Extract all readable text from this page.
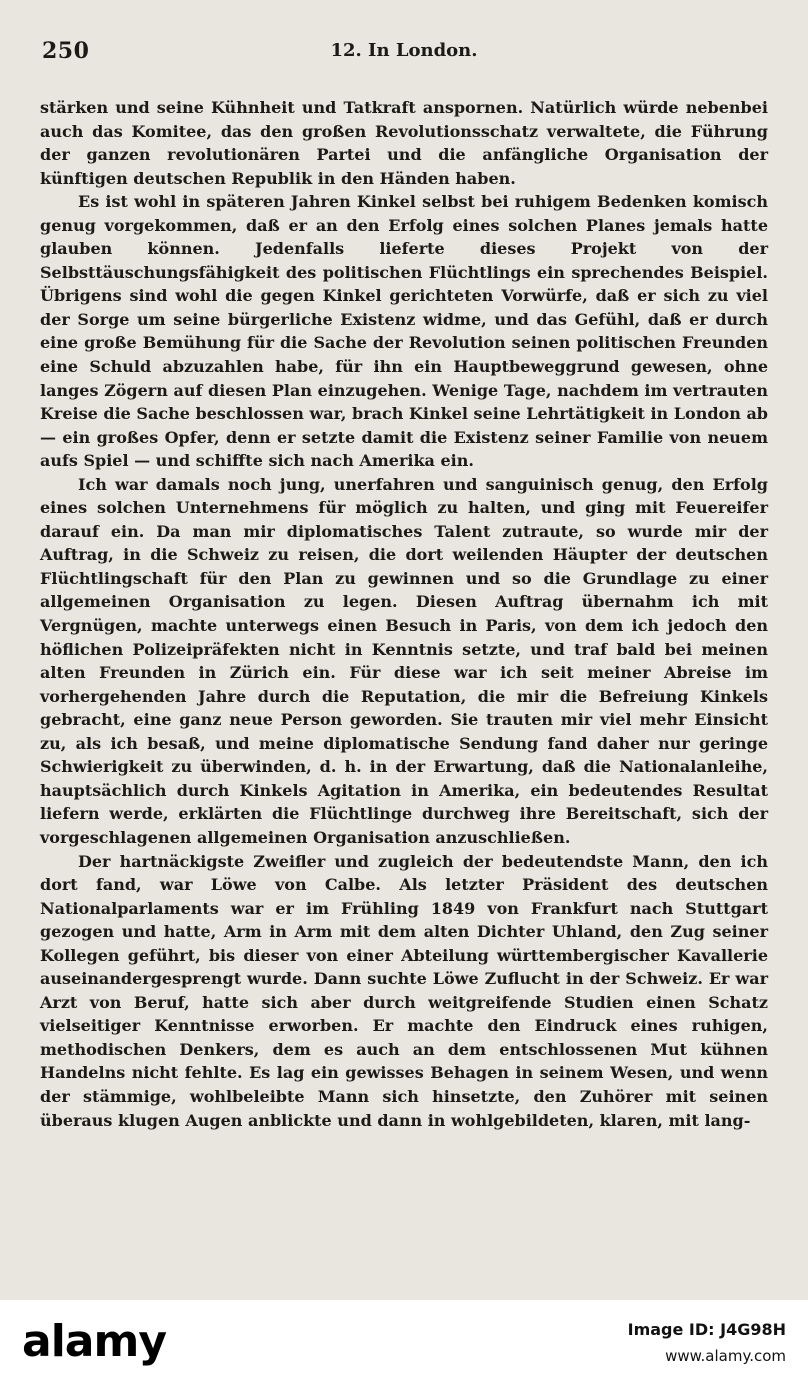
250	12. In London.

stärken und seine Kühnheit und Tatkraft anspornen. Natürlich würde nebenbei auch das Komitee, das den großen Revolutionsschatz verwaltete, die Führung der ganzen revolutionären Partei und die anfängliche Organisation der künftigen deutschen Republik in den Händen haben.

Es ist wohl in späteren Jahren Kinkel selbst bei ruhigem Bedenken komisch genug vorgekommen, daß er an den Erfolg eines solchen Planes jemals hatte glauben können. Jedenfalls lieferte dieses Projekt von der Selbsttäuschungsfähigkeit des politischen Flüchtlings ein sprechendes Beispiel. Übrigens sind wohl die gegen Kinkel gerichteten Vorwürfe, daß er sich zu viel der Sorge um seine bürgerliche Existenz widme, und das Gefühl, daß er durch eine große Bemühung für die Sache der Revolution seinen politischen Freunden eine Schuld abzuzahlen habe, für ihn ein Hauptbeweggrund gewesen, ohne langes Zögern auf diesen Plan einzugehen. Wenige Tage, nachdem im vertrauten Kreise die Sache beschlossen war, brach Kinkel seine Lehrtätigkeit in London ab — ein großes Opfer, denn er setzte damit die Existenz seiner Familie von neuem aufs Spiel — und schiffte sich nach Amerika ein.

Ich war damals noch jung, unerfahren und sanguinisch genug, den Erfolg eines solchen Unternehmens für möglich zu halten, und ging mit Feuereifer darauf ein. Da man mir diplomatisches Talent zutraute, so wurde mir der Auftrag, in die Schweiz zu reisen, die dort weilenden Häupter der deutschen Flüchtlingschaft für den Plan zu gewinnen und so die Grundlage zu einer allgemeinen Organisation zu legen. Diesen Auftrag übernahm ich mit Vergnügen, machte unterwegs einen Besuch in Paris, von dem ich jedoch den höflichen Polizeipräfekten nicht in Kenntnis setzte, und traf bald bei meinen alten Freunden in Zürich ein. Für diese war ich seit meiner Abreise im vorhergehenden Jahre durch die Reputation, die mir die Befreiung Kinkels gebracht, eine ganz neue Person geworden. Sie trauten mir viel mehr Einsicht zu, als ich besaß, und meine diplomatische Sendung fand daher nur geringe Schwierigkeit zu überwinden, d. h. in der Erwartung, daß die Nationalanleihe, hauptsächlich durch Kinkels Agitation in Amerika, ein bedeutendes Resultat liefern werde, erklärten die Flüchtlinge durchweg ihre Bereitschaft, sich der vorgeschlagenen allgemeinen Organisation anzuschließen.

Der hartnäckigste Zweifler und zugleich der bedeutendste Mann, den ich dort fand, war Löwe von Calbe. Als letzter Präsident des deutschen Nationalparlaments war er im Frühling 1849 von Frankfurt nach Stuttgart gezogen und hatte, Arm in Arm mit dem alten Dichter Uhland, den Zug seiner Kollegen geführt, bis dieser von einer Abteilung württembergischer Kavallerie auseinandergesprengt wurde. Dann suchte Löwe Zuflucht in der Schweiz. Er war Arzt von Beruf, hatte sich aber durch weitgreifende Studien einen Schatz vielseitiger Kenntnisse erworben. Er machte den Eindruck eines ruhigen, methodischen Denkers, dem es auch an dem entschlossenen Mut kühnen Handelns nicht fehlte. Es lag ein gewisses Behagen in seinem Wesen, und wenn der stämmige, wohlbeleibte Mann sich hinsetzte, den Zuhörer mit seinen überaus klugen Augen anblickte und dann in wohlgebildeten, klaren, mit lang-

alamy	Image ID: J4G98H
www.alamy.com
